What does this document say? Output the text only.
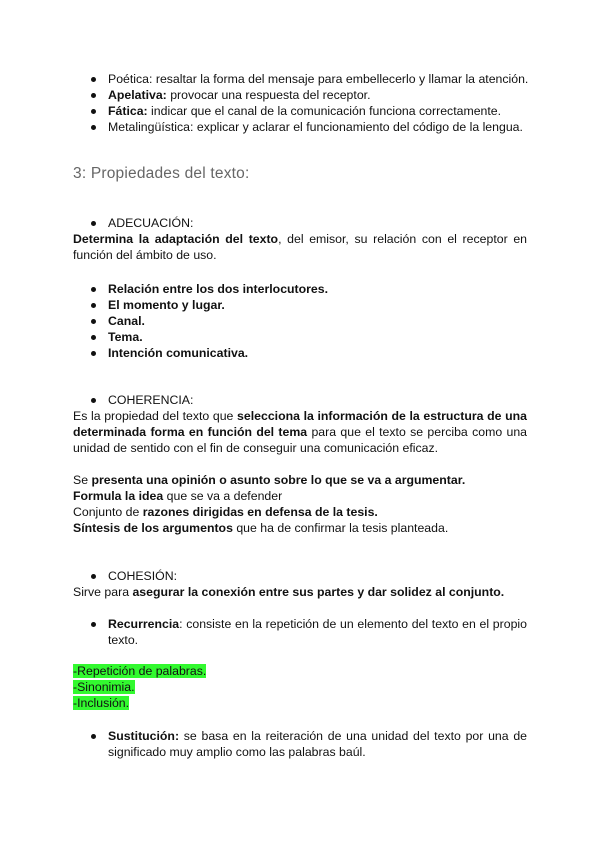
Poética: resaltar la forma del mensaje para embellecerlo y llamar la atención.
Apelativa: provocar una respuesta del receptor.
Fática: indicar que el canal de la comunicación funciona correctamente.
Metalingüística: explicar y aclarar el funcionamiento del código de la lengua.
3: Propiedades del texto:
ADECUACIÓN:
Determina la adaptación del texto, del emisor, su relación con el receptor en función del ámbito de uso.
Relación entre los dos interlocutores.
El momento y lugar.
Canal.
Tema.
Intención comunicativa.
COHERENCIA:
Es la propiedad del texto que selecciona la información de la estructura de una determinada forma en función del tema para que el texto se perciba como una unidad de sentido con el fin de conseguir una comunicación eficaz.
Se presenta una opinión o asunto sobre lo que se va a argumentar.
Formula la idea que se va a defender
Conjunto de razones dirigidas en defensa de la tesis.
Síntesis de los argumentos que ha de confirmar la tesis planteada.
COHESIÓN:
Sirve para asegurar la conexión entre sus partes y dar solidez al conjunto.
Recurrencia: consiste en la repetición de un elemento del texto en el propio texto.
-Repetición de palabras.
-Sinonimia.
-Inclusión.
Sustitución: se basa en la reiteración de una unidad del texto por una de significado muy amplio como las palabras baúl.
